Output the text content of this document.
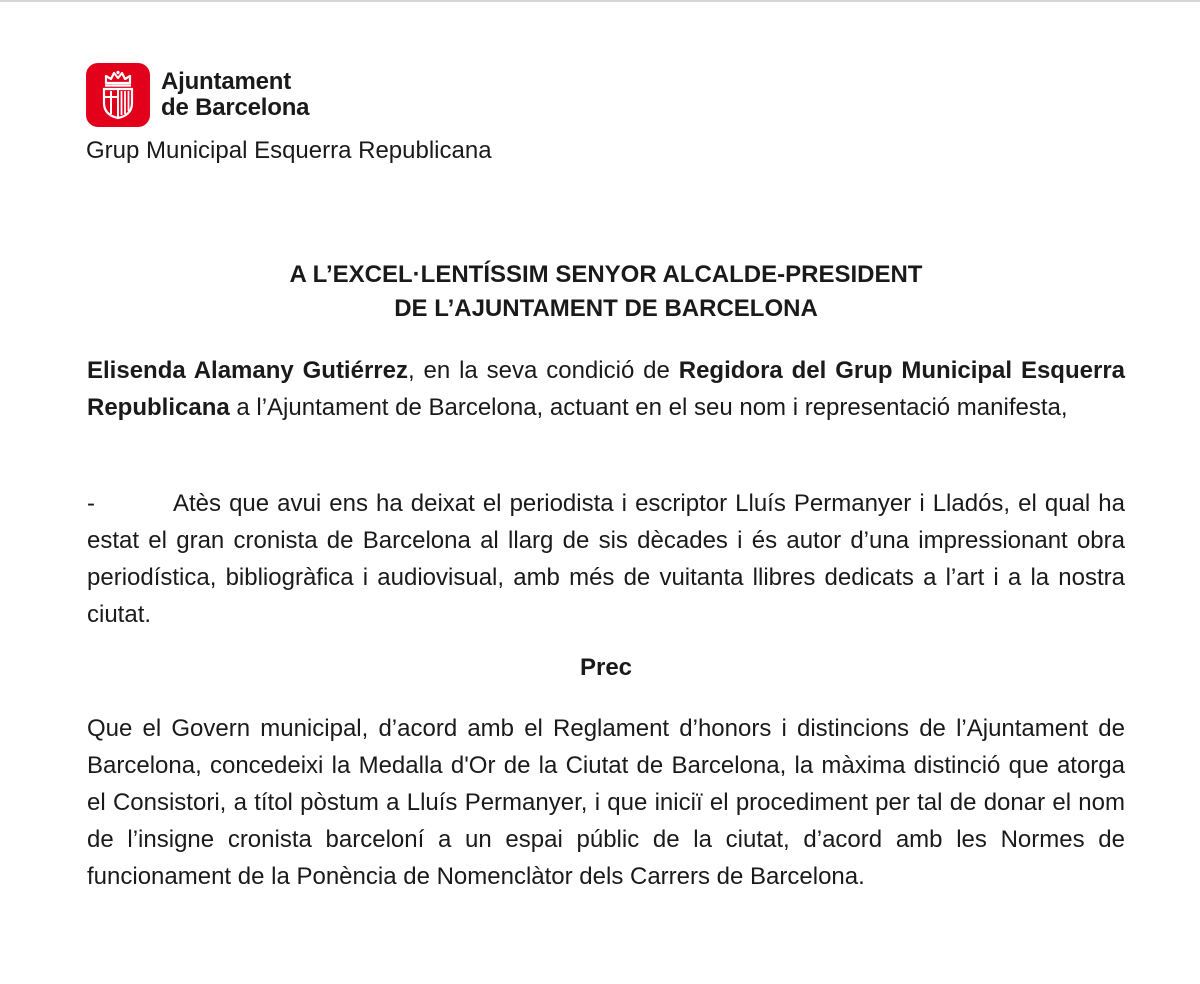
Ajuntament
de Barcelona
Grup Municipal Esquerra Republicana
A L’EXCEL·LENTÍSSIM SENYOR ALCALDE-PRESIDENT
DE L’AJUNTAMENT DE BARCELONA

Elisenda Alamany Gutiérrez, en la seva condició de Regidora del Grup Municipal Esquerra Republicana a l’Ajuntament de Barcelona, actuant en el seu nom i representació manifesta,

-	Atès que avui ens ha deixat el periodista i escriptor Lluís Permanyer i Lladós, el qual ha estat el gran cronista de Barcelona al llarg de sis dècades i és autor d’una impressionant obra periodística, bibliogràfica i audiovisual, amb més de vuitanta llibres dedicats a l’art i a la nostra ciutat.

Prec

Que el Govern municipal, d’acord amb el Reglament d’honors i distincions de l’Ajuntament de Barcelona, concedeixi la Medalla d'Or de la Ciutat de Barcelona, la màxima distinció que atorga el Consistori, a títol pòstum a Lluís Permanyer, i que iniciï el procediment per tal de donar el nom de l’insigne cronista barceloní a un espai públic de la ciutat, d’acord amb les Normes de funcionament de la Ponència de Nomenclàtor dels Carrers de Barcelona.
